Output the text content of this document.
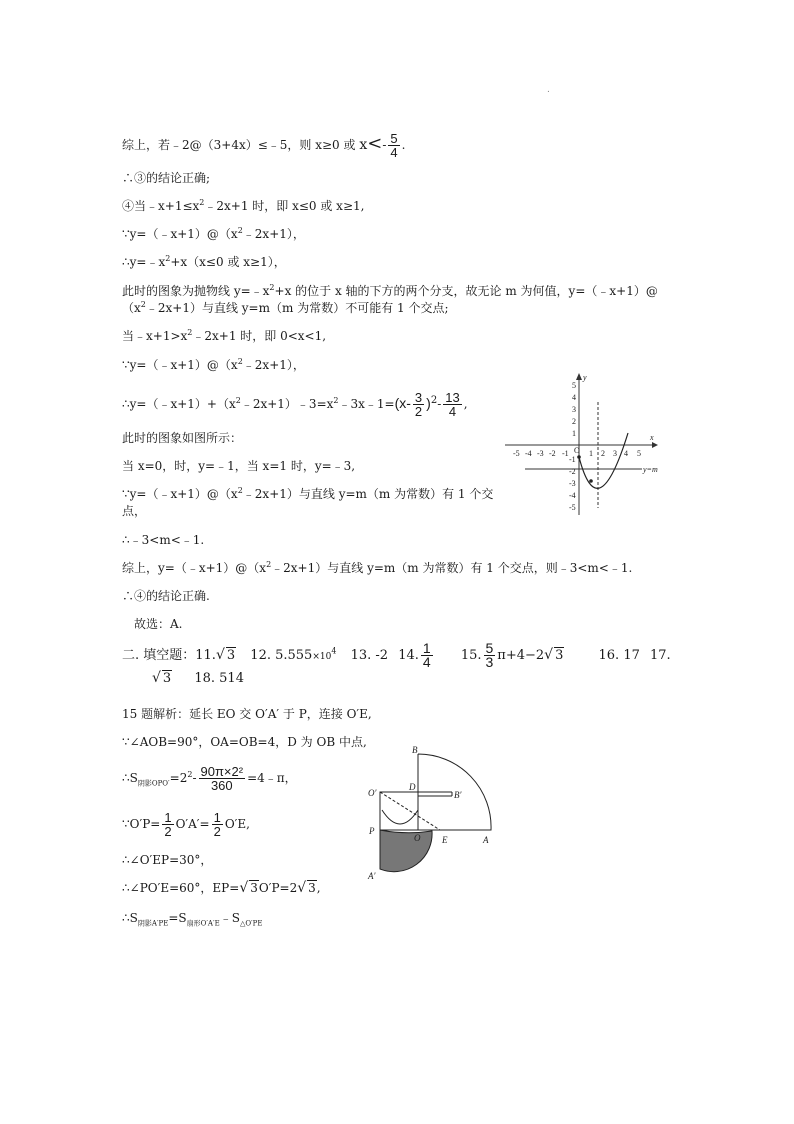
.
综上，若﹣2@（3+4x）≤﹣5，则 x≥0 或 $x<- \frac{5}{4}$ .
∴③的结论正确;
④当$﹣x+1\le x^2﹣2x+1$ 时，即 x≤0 或 x≥1,
$\because y=(﹣x+1)@(x^2﹣2x+1)$，
$\therefore y=﹣x^2+x(x\le 0$ 或 x≥1），
此时的图象为抛物线 $y=﹣x^2+x$ 的位于 x 轴的下方的两个分支，故无论 m 为何值，y=（﹣x+1）@
$(x^2﹣2x+1)$与直线 y=m（m 为常数）不可能有 1 个交点;
当$﹣x+1>x^2﹣2x+1$ 时，即 0<x<1,
$\because y=(﹣x+1)@(x^2﹣2x+1)$，
$\therefore y=(﹣x+1)+(x^2﹣2x+1)﹣3=x^2﹣3x﹣1=(x- \frac{3}{2} )^2- \frac{13}{4}$ ,
此时的图象如图所示：
当 x=0，时，y=﹣1，当 x=1 时，y=﹣3,
$\because y=(﹣x+1)@(x^2﹣2x+1)$与直线 y=m（m 为常数）有 1 个交
点，
∴﹣3<m<﹣1.
综上，$y=(﹣x+1)@(x^2﹣2x+1)$与直线 y=m（m 为常数）有 1 个交点，则﹣3<m<﹣1.
∴④的结论正确.
故选：A.
二. 填空题：11.√ 3 12. $5.555\times 10^4$ 13. -2 14. $\frac{1}{4} 15$. $\frac{5}{3} \pi+4-2√$ 3	16. 17 17.
√ 3 18. 514
15 题解析：延长 EO 交 O′A′ 于 P，连接 O′E,
∵∠AOB=90°，OA=OB=4，D 为 OB 中点,
$\therefore S_{阴影OPO'}=2^2- \frac{\text{90π×2²}}{360}$ =4﹣π，
∵O′P= $\frac{1}{2} O'A'= \frac{1}{2} O'E$,
∴∠O′EP=30°，
∴∠PO′E=60°，EP=√ 3O′P=2√ 3,
$\therefore S_{阴影A'PE}=S_{扇形O'A'E}﹣S_{\triangle O'PE}$
y
x
y=m
O
-5 -4 -3 -2 -1	1 2 3 4 5
5
4
3
2
1
-1
-2
-3
-4
-5
B
O′
D
B′
P
O E	A
A′
